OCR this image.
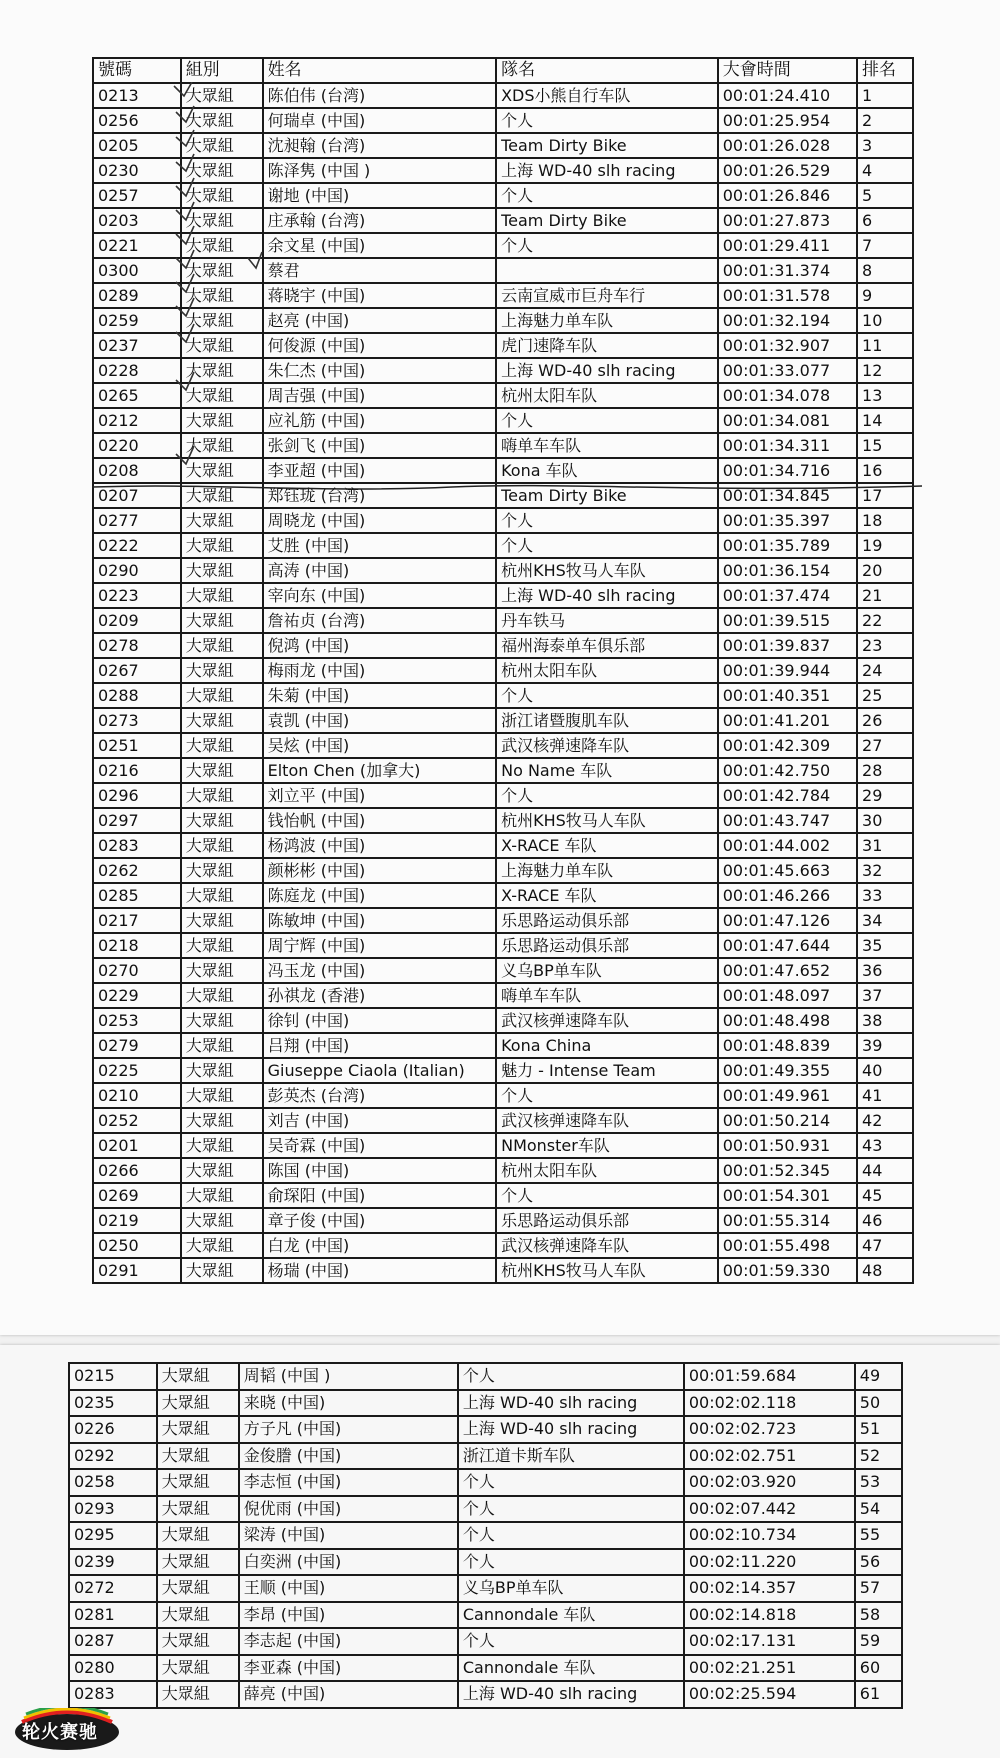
號碼	組別	姓名	隊名	大會時間	排名
0213	大眾組	陈伯伟 (台湾)	XDS小熊自行车队	00:01:24.410	1
0256	大眾組	何瑞卓 (中国)	个人	00:01:25.954	2
0205	大眾組	沈昶翰 (台湾)	Team Dirty Bike	00:01:26.028	3
0230	大眾組	陈泽隽 (中国 )	上海 WD-40 slh racing	00:01:26.529	4
0257	大眾組	谢地 (中国)	个人	00:01:26.846	5
0203	大眾組	庄承翰 (台湾)	Team Dirty Bike	00:01:27.873	6
0221	大眾組	余文星 (中国)	个人	00:01:29.411	7
0300	大眾組	蔡君		00:01:31.374	8
0289	大眾組	蒋晓宇 (中国)	云南宣威市巨舟车行	00:01:31.578	9
0259	大眾組	赵亮 (中国)	上海魅力单车队	00:01:32.194	10
0237	大眾組	何俊源 (中国)	虎门速降车队	00:01:32.907	11
0228	大眾組	朱仁杰 (中国)	上海 WD-40 slh racing	00:01:33.077	12
0265	大眾組	周吉强 (中国)	杭州太阳车队	00:01:34.078	13
0212	大眾組	应礼筋 (中国)	个人	00:01:34.081	14
0220	大眾組	张剑飞 (中国)	嗨单车车队	00:01:34.311	15
0208	大眾組	李亚超 (中国)	Kona 车队	00:01:34.716	16
0207	大眾組	郑钰珑 (台湾)	Team Dirty Bike	00:01:34.845	17
0277	大眾組	周晓龙 (中国)	个人	00:01:35.397	18
0222	大眾組	艾胜 (中国)	个人	00:01:35.789	19
0290	大眾組	高涛 (中国)	杭州KHS牧马人车队	00:01:36.154	20
0223	大眾組	宰向东 (中国)	上海 WD-40 slh racing	00:01:37.474	21
0209	大眾組	詹祐贞 (台湾)	丹车铁马	00:01:39.515	22
0278	大眾組	倪鸿 (中国)	福州海泰单车俱乐部	00:01:39.837	23
0267	大眾組	梅雨龙 (中国)	杭州太阳车队	00:01:39.944	24
0288	大眾組	朱菊 (中国)	个人	00:01:40.351	25
0273	大眾組	袁凯 (中国)	浙江诸暨腹肌车队	00:01:41.201	26
0251	大眾組	吴炫 (中国)	武汉核弹速降车队	00:01:42.309	27
0216	大眾組	Elton Chen (加拿大)	No Name 车队	00:01:42.750	28
0296	大眾組	刘立平 (中国)	个人	00:01:42.784	29
0297	大眾組	钱怡帆 (中国)	杭州KHS牧马人车队	00:01:43.747	30
0283	大眾組	杨鸿波 (中国)	X-RACE 车队	00:01:44.002	31
0262	大眾組	颜彬彬 (中国)	上海魅力单车队	00:01:45.663	32
0285	大眾組	陈庭龙 (中国)	X-RACE 车队	00:01:46.266	33
0217	大眾組	陈敏坤 (中国)	乐思路运动俱乐部	00:01:47.126	34
0218	大眾組	周宁辉 (中国)	乐思路运动俱乐部	00:01:47.644	35
0270	大眾組	冯玉龙 (中国)	义乌BP单车队	00:01:47.652	36
0229	大眾組	孙祺龙 (香港)	嗨单车车队	00:01:48.097	37
0253	大眾組	徐钊 (中国)	武汉核弹速降车队	00:01:48.498	38
0279	大眾組	吕翔 (中国)	Kona China	00:01:48.839	39
0225	大眾組	Giuseppe Ciaola (Italian)	魅力 - Intense Team	00:01:49.355	40
0210	大眾組	彭英杰 (台湾)	个人	00:01:49.961	41
0252	大眾組	刘吉 (中国)	武汉核弹速降车队	00:01:50.214	42
0201	大眾組	吴奇霖 (中国)	NMonster车队	00:01:50.931	43
0266	大眾組	陈国 (中国)	杭州太阳车队	00:01:52.345	44
0269	大眾組	俞琛阳 (中国)	个人	00:01:54.301	45
0219	大眾組	章子俊 (中国)	乐思路运动俱乐部	00:01:55.314	46
0250	大眾組	白龙 (中国)	武汉核弹速降车队	00:01:55.498	47
0291	大眾組	杨瑞 (中国)	杭州KHS牧马人车队	00:01:59.330	48
0215	大眾組	周韬 (中国 )	个人	00:01:59.684	49
0235	大眾組	来晓 (中国)	上海 WD-40 slh racing	00:02:02.118	50
0226	大眾組	方子凡 (中国)	上海 WD-40 slh racing	00:02:02.723	51
0292	大眾組	金俊謄 (中国)	浙江道卡斯车队	00:02:02.751	52
0258	大眾組	李志恒 (中国)	个人	00:02:03.920	53
0293	大眾組	倪优雨 (中国)	个人	00:02:07.442	54
0295	大眾組	梁涛 (中国)	个人	00:02:10.734	55
0239	大眾組	白奕洲 (中国)	个人	00:02:11.220	56
0272	大眾組	王顺 (中国)	义乌BP单车队	00:02:14.357	57
0281	大眾組	李昂 (中国)	Cannondale 车队	00:02:14.818	58
0287	大眾組	李志起 (中国)	个人	00:02:17.131	59
0280	大眾組	李亚森 (中国)	Cannondale 车队	00:02:21.251	60
0283	大眾組	薛亮 (中国)	上海 WD-40 slh racing	00:02:25.594	61
轮火赛驰
